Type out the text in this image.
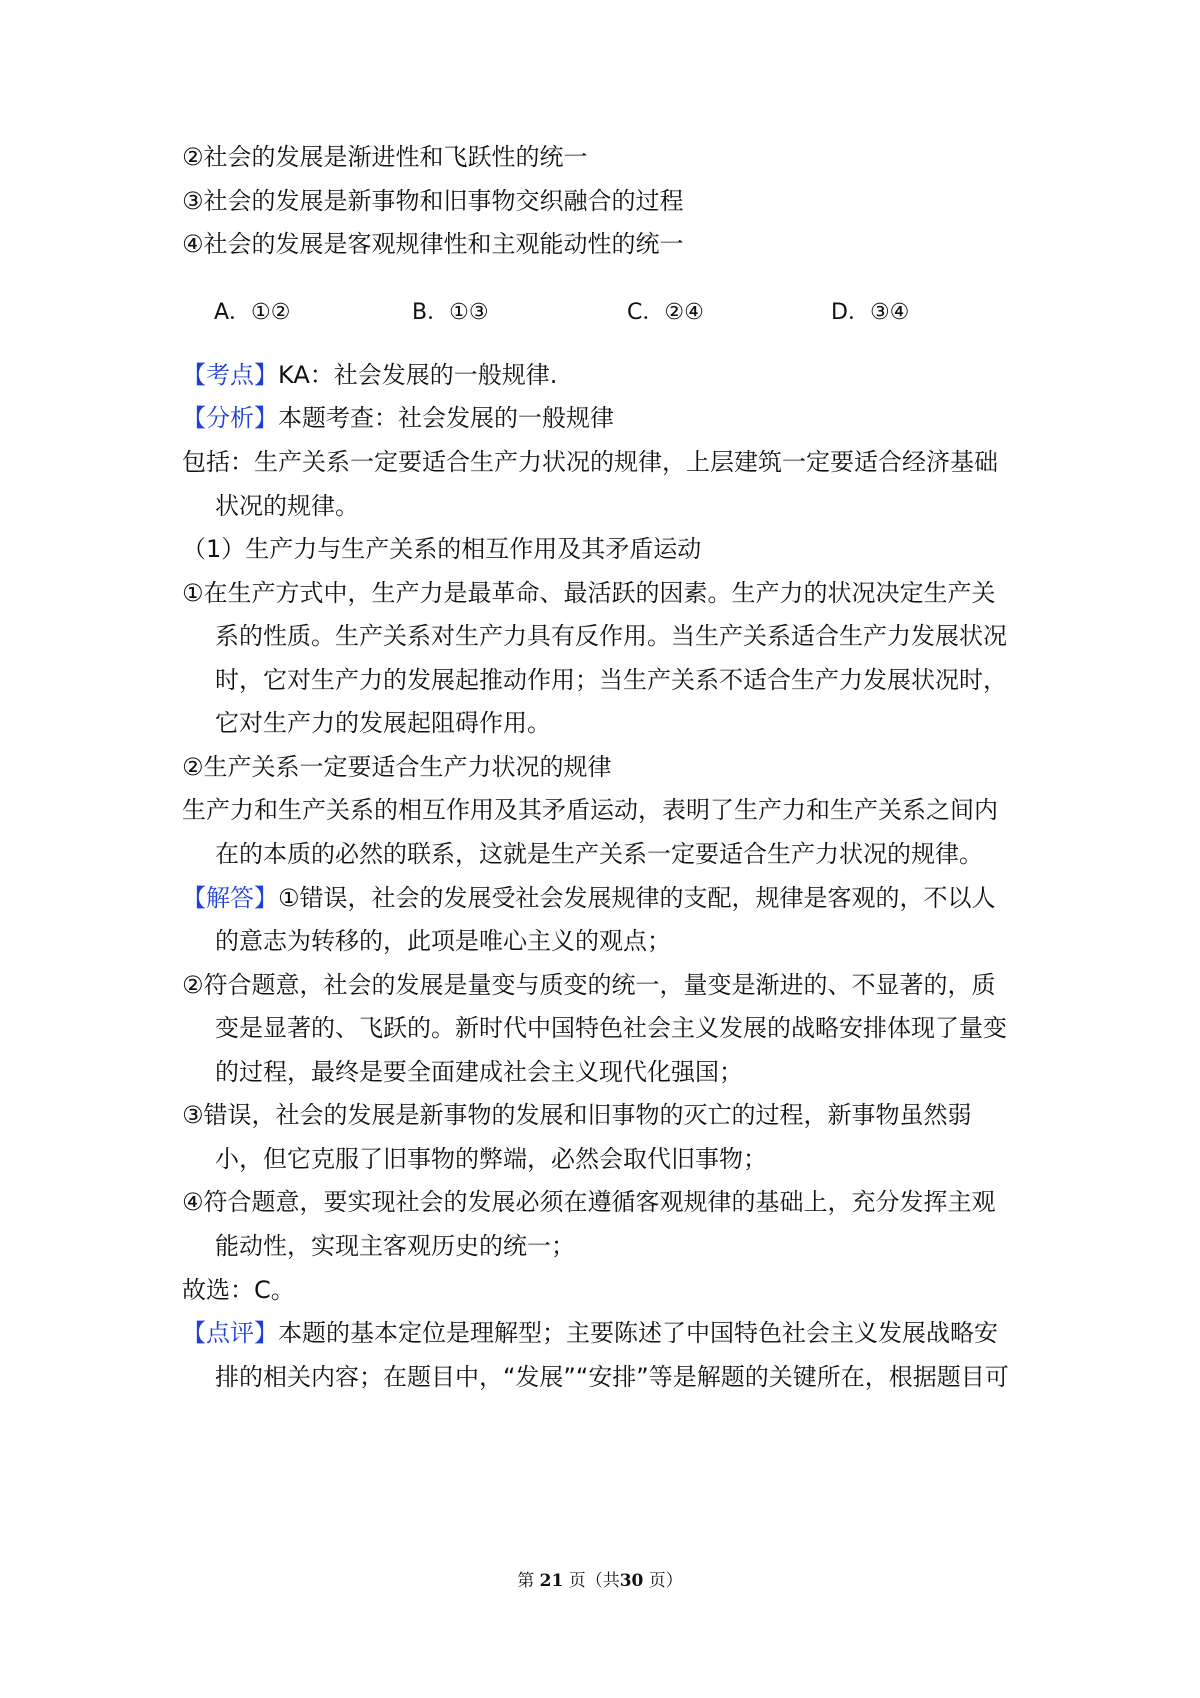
②社会的发展是渐进性和飞跃性的统一
③社会的发展是新事物和旧事物交织融合的过程
④社会的发展是客观规律性和主观能动性的统一
A．①②	B．①③	C．②④	D．③④
【考点】KA：社会发展的一般规律.
【分析】本题考查：社会发展的一般规律
包括：生产关系一定要适合生产力状况的规律，上层建筑一定要适合经济基础
状况的规律。
（1）生产力与生产关系的相互作用及其矛盾运动
①在生产方式中，生产力是最革命、最活跃的因素。生产力的状况决定生产关
系的性质。生产关系对生产力具有反作用。当生产关系适合生产力发展状况
时，它对生产力的发展起推动作用；当生产关系不适合生产力发展状况时，
它对生产力的发展起阻碍作用。
②生产关系一定要适合生产力状况的规律
生产力和生产关系的相互作用及其矛盾运动，表明了生产力和生产关系之间内
在的本质的必然的联系，这就是生产关系一定要适合生产力状况的规律。
【解答】①错误，社会的发展受社会发展规律的支配，规律是客观的，不以人
的意志为转移的，此项是唯心主义的观点；
②符合题意，社会的发展是量变与质变的统一，量变是渐进的、不显著的，质
变是显著的、飞跃的。新时代中国特色社会主义发展的战略安排体现了量变
的过程，最终是要全面建成社会主义现代化强国；
③错误，社会的发展是新事物的发展和旧事物的灭亡的过程，新事物虽然弱
小，但它克服了旧事物的弊端，必然会取代旧事物；
④符合题意，要实现社会的发展必须在遵循客观规律的基础上，充分发挥主观
能动性，实现主客观历史的统一；
故选：C。
【点评】本题的基本定位是理解型；主要陈述了中国特色社会主义发展战略安
排的相关内容；在题目中，“发展”“安排”等是解题的关键所在，根据题目可
第 21 页（共30 页）
